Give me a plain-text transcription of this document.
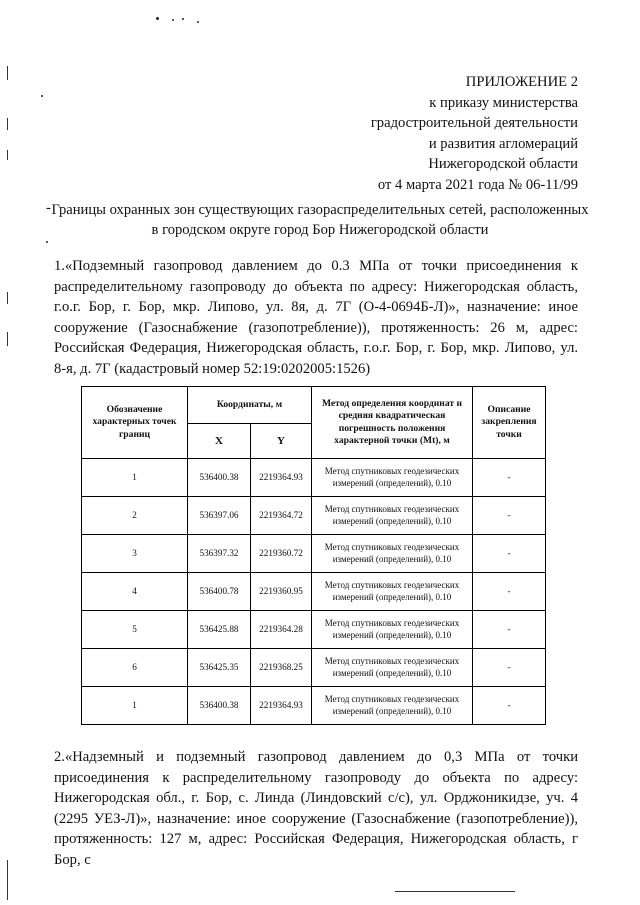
ПРИЛОЖЕНИЕ 2
к приказу министерства
градостроительной деятельности
и развития агломераций
Нижегородской области
от 4 марта 2021 года № 06-11/99
- Границы охранных зон существующих газораспределительных сетей, расположенных
в городском округе город Бор Нижегородской области
1.«Подземный газопровод давлением до 0.3 МПа от точки присоединения к распределительному газопроводу до объекта по адресу: Нижегородская область, г.о.г. Бор, г. Бор, мкр. Липово, ул. 8я, д. 7Г (О-4-0694Б-Л)», назначение: иное сооружение (Газоснабжение (газопотребление)), протяженность: 26 м, адрес: Российская Федерация, Нижегородская область, г.о.г. Бор, г. Бор, мкр. Липово, ул. 8-я, д. 7Г (кадастровый номер 52:19:0202005:1526)
Обозначение характерных точек границ	Координаты, м		Метод определения координат и средняя квадратическая погрешность положения характерной точки (Mt), м	Описание закрепления точки
	X	Y		
1	536400.38	2219364.93	Метод спутниковых геодезических измерений (определений), 0.10	-
2	536397.06	2219364.72	Метод спутниковых геодезических измерений (определений), 0.10	-
3	536397.32	2219360.72	Метод спутниковых геодезических измерений (определений), 0.10	-
4	536400.78	2219360.95	Метод спутниковых геодезических измерений (определений), 0.10	-
5	536425.88	2219364.28	Метод спутниковых геодезических измерений (определений), 0.10	-
6	536425.35	2219368.25	Метод спутниковых геодезических измерений (определений), 0.10	-
1	536400.38	2219364.93	Метод спутниковых геодезических измерений (определений), 0.10	-
2.«Надземный и подземный газопровод давлением до 0,3 МПа от точки присоединения к распределительному газопроводу до объекта по адресу: Нижегородская обл., г. Бор, с. Линда (Линдовский с/с), ул. Орджоникидзе, уч. 4 (2295 УЕЗ-Л)», назначение: иное сооружение (Газоснабжение (газопотребление)), протяженность: 127 м, адрес: Российская Федерация, Нижегородская область, г Бор, с
